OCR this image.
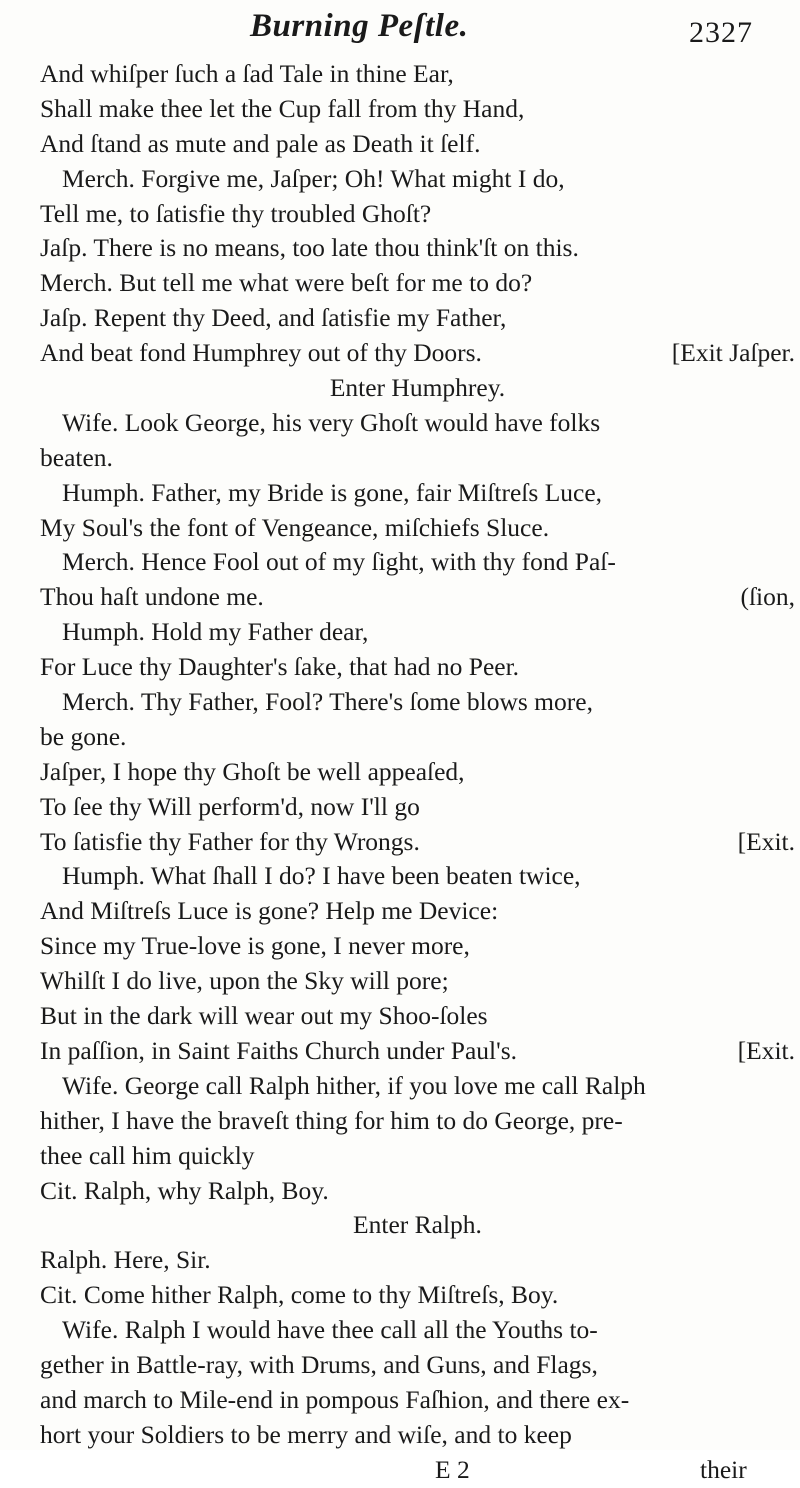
Burning Peſtle.	2327
And whiſper ſuch a ſad Tale in thine Ear,
Shall make thee let the Cup fall from thy Hand,
And ſtand as mute and pale as Death it ſelf.
Merch. Forgive me, Jaſper; Oh! What might I do,
Tell me, to ſatisfie thy troubled Ghoſt?
Jaſp. There is no means, too late thou think'ſt on this.
Merch. But tell me what were beſt for me to do?
Jaſp. Repent thy Deed, and ſatisfie my Father,
And beat fond Humphrey out of thy Doors.	[Exit Jaſper.
Enter Humphrey.
Wife. Look George, his very Ghoſt would have folks
beaten.
Humph. Father, my Bride is gone, fair Miſtreſs Luce,
My Soul's the font of Vengeance, miſchiefs Sluce.
Merch. Hence Fool out of my ſight, with thy fond Paſ-
Thou haſt undone me.	(ſion,
Humph. Hold my Father dear,
For Luce thy Daughter's ſake, that had no Peer.
Merch. Thy Father, Fool? There's ſome blows more,
be gone.
Jaſper, I hope thy Ghoſt be well appeaſed,
To ſee thy Will perform'd, now I'll go
To ſatisfie thy Father for thy Wrongs.	[Exit.
Humph. What ſhall I do? I have been beaten twice,
And Miſtreſs Luce is gone? Help me Device:
Since my True-love is gone, I never more,
Whilſt I do live, upon the Sky will pore;
But in the dark will wear out my Shoo-ſoles
In paſſion, in Saint Faiths Church under Paul's.	[Exit.
Wife. George call Ralph hither, if you love me call Ralph
hither, I have the braveſt thing for him to do George, pre-
thee call him quickly
Cit. Ralph, why Ralph, Boy.
Enter Ralph.
Ralph. Here, Sir.
Cit. Come hither Ralph, come to thy Miſtreſs, Boy.
Wife. Ralph I would have thee call all the Youths to-
gether in Battle-ray, with Drums, and Guns, and Flags,
and march to Mile-end in pompous Faſhion, and there ex-
hort your Soldiers to be merry and wiſe, and to keep
E 2	their
